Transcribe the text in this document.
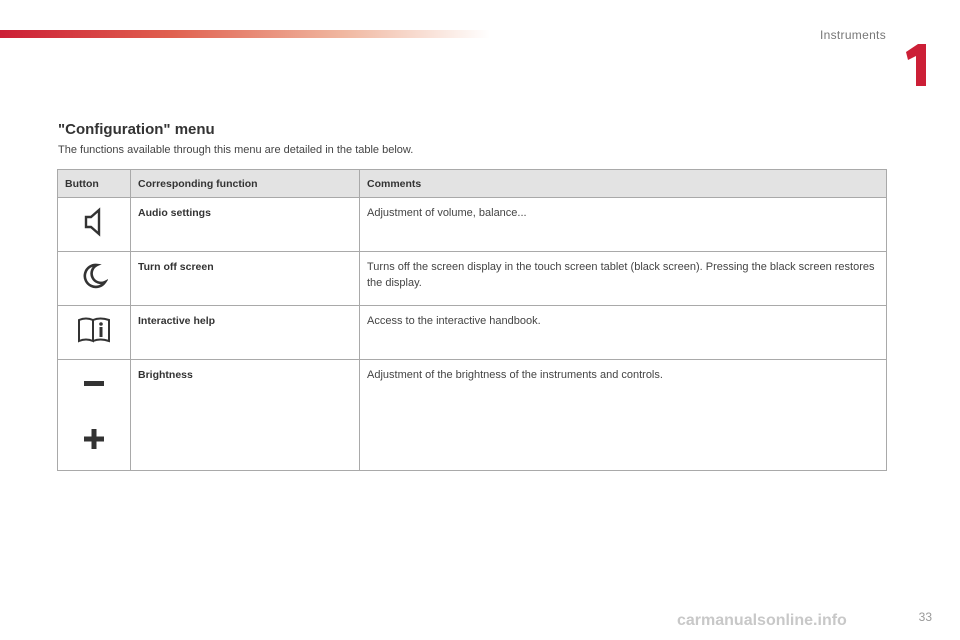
Instruments
1
"Configuration" menu

The functions available through this menu are detailed in the table below.

Button	Corresponding function	Comments
	Audio settings	Adjustment of volume, balance...
	Turn off screen	Turns off the screen display in the touch screen tablet (black screen). Pressing the black screen restores the display.
	Interactive help	Access to the interactive handbook.

	Brightness	Adjustment of the brightness of the instruments and controls.
carmanualsonline.info	33
